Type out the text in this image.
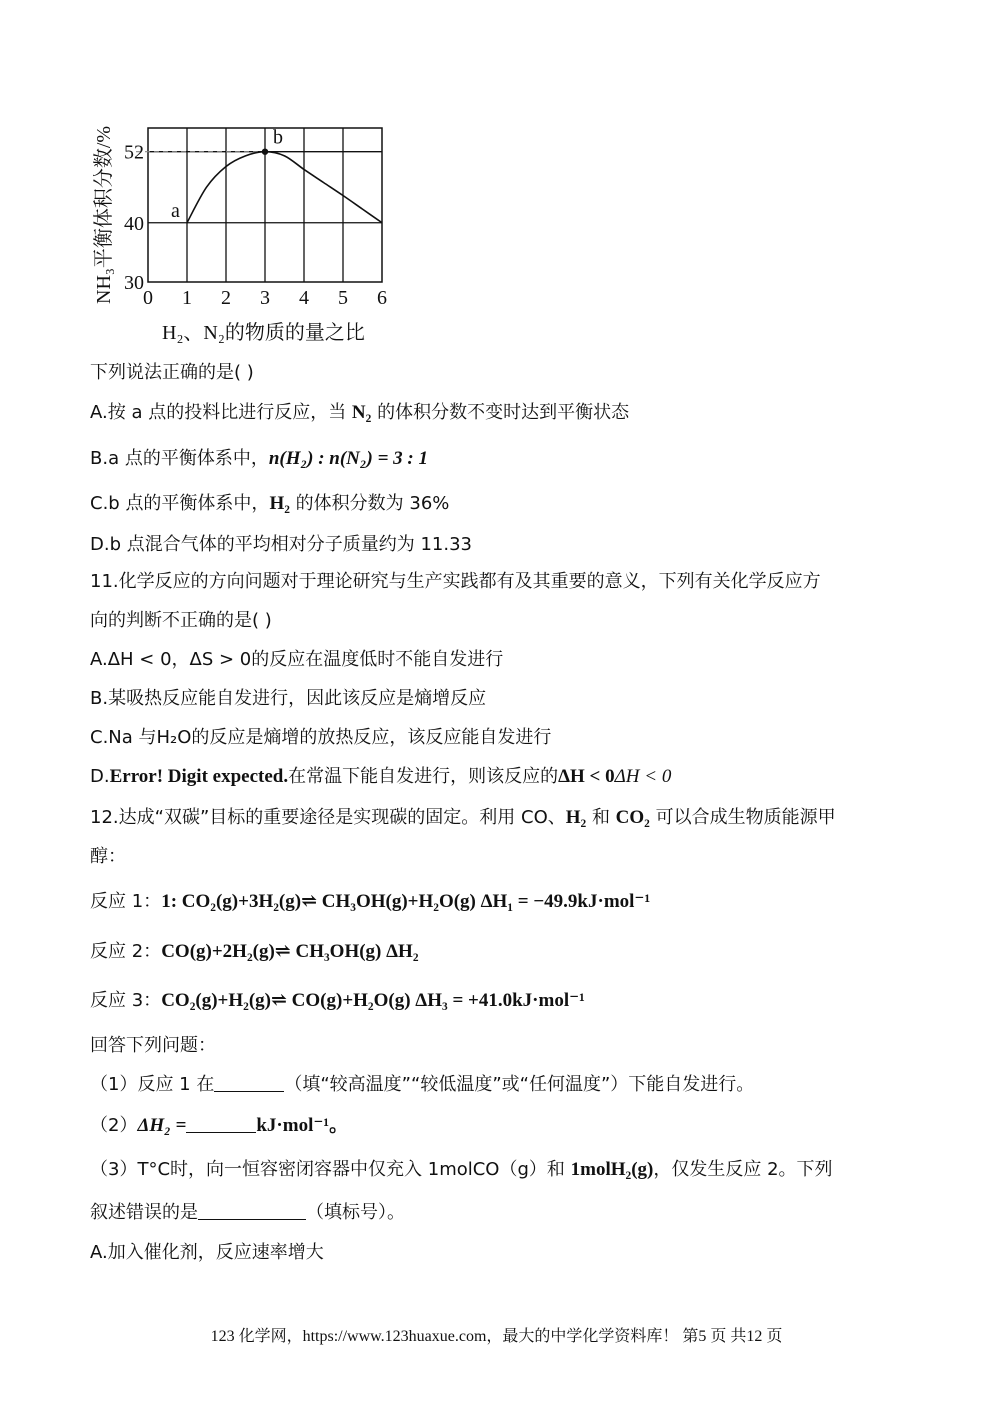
0 1 2 3 4 5 6
30
40
52
a
b
NH₃平衡体积分数/%
H₂、N₂的物质的量之比
下列说法正确的是( )
A.按 a 点的投料比进行反应，当 N₂ 的体积分数不变时达到平衡状态
B.a 点的平衡体系中，n(H₂) : n(N₂) = 3 : 1
C.b 点的平衡体系中，H₂ 的体积分数为 36%
D.b 点混合气体的平均相对分子质量约为 11.33
11.化学反应的方向问题对于理论研究与生产实践都有及其重要的意义，下列有关化学反应方
向的判断不正确的是( )
A.ΔH < 0，ΔS > 0的反应在温度低时不能自发进行
B.某吸热反应能自发进行，因此该反应是熵增反应
C.Na 与H₂O的反应是熵增的放热反应，该反应能自发进行
D.Error! Digit expected.在常温下能自发进行，则该反应的ΔH < 0ΔH < 0
12.达成“双碳”目标的重要途径是实现碳的固定。利用 CO、H₂ 和 CO₂ 可以合成生物质能源甲
醇：
反应 1：1: CO₂(g)+3H₂(g)⇌ CH₃OH(g)+H₂O(g) ΔH₁ = −49.9kJ·mol⁻¹
反应 2：CO(g)+2H₂(g)⇌ CH₃OH(g) ΔH₂
反应 3：CO₂(g)+H₂(g)⇌ CO(g)+H₂O(g) ΔH₃ = +41.0kJ·mol⁻¹
回答下列问题：
（1）反应 1 在	（填“较高温度”“较低温度”或“任何温度”）下能自发进行。
（2）ΔH₂ =	kJ·mol⁻¹。
（3）T°C时，向一恒容密闭容器中仅充入 1molCO（g）和 1molH₂(g)，仅发生反应 2。下列
叙述错误的是	（填标号）。
A.加入催化剂，反应速率增大
123 化学网，https://www.123huaxue.com，最大的中学化学资料库！ 第5 页 共12 页
